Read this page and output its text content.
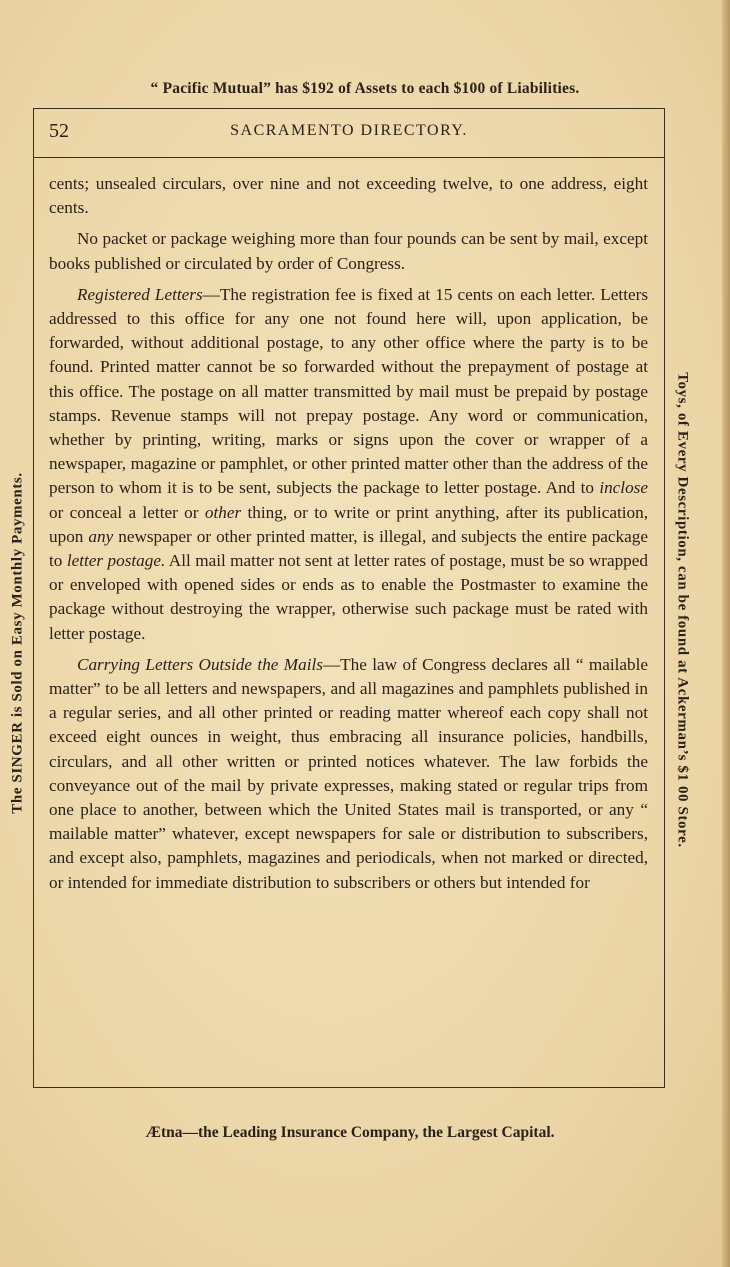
“ Pacific Mutual” has $192 of Assets to each $100 of Liabilities.
The SINGER is Sold on Easy Monthly Payments.	Toys, of Every Description, can be found at Ackerman’s $1 00 Store.
52	SACRAMENTO DIRECTORY.

cents; unsealed circulars, over nine and not exceeding twelve, to one address, eight cents.

No packet or package weighing more than four pounds can be sent by mail, except books published or circulated by order of Congress.

Registered Letters—The registration fee is fixed at 15 cents on each letter. Letters addressed to this office for any one not found here will, upon application, be forwarded, without additional postage, to any other office where the party is to be found. Printed matter cannot be so forwarded without the prepayment of postage at this office. The postage on all matter transmitted by mail must be prepaid by postage stamps. Revenue stamps will not prepay postage. Any word or communication, whether by printing, writing, marks or signs upon the cover or wrapper of a newspaper, magazine or pamphlet, or other printed matter other than the address of the person to whom it is to be sent, subjects the package to letter postage. And to inclose or conceal a letter or other thing, or to write or print anything, after its publication, upon any newspaper or other printed matter, is illegal, and subjects the entire package to letter postage. All mail matter not sent at letter rates of postage, must be so wrapped or enveloped with opened sides or ends as to enable the Postmaster to examine the package without destroying the wrapper, otherwise such package must be rated with letter postage.

Carrying Letters Outside the Mails—The law of Congress declares all “ mailable matter” to be all letters and newspapers, and all magazines and pamphlets published in a regular series, and all other printed or reading matter whereof each copy shall not exceed eight ounces in weight, thus embracing all insurance policies, handbills, circulars, and all other written or printed notices whatever. The law forbids the conveyance out of the mail by private expresses, making stated or regular trips from one place to another, between which the United States mail is transported, or any “ mailable matter” whatever, except newspapers for sale or distribution to subscribers, and except also, pamphlets, magazines and periodicals, when not marked or directed, or intended for immediate distribution to subscribers or others but intended for

Ætna—the Leading Insurance Company, the Largest Capital.
